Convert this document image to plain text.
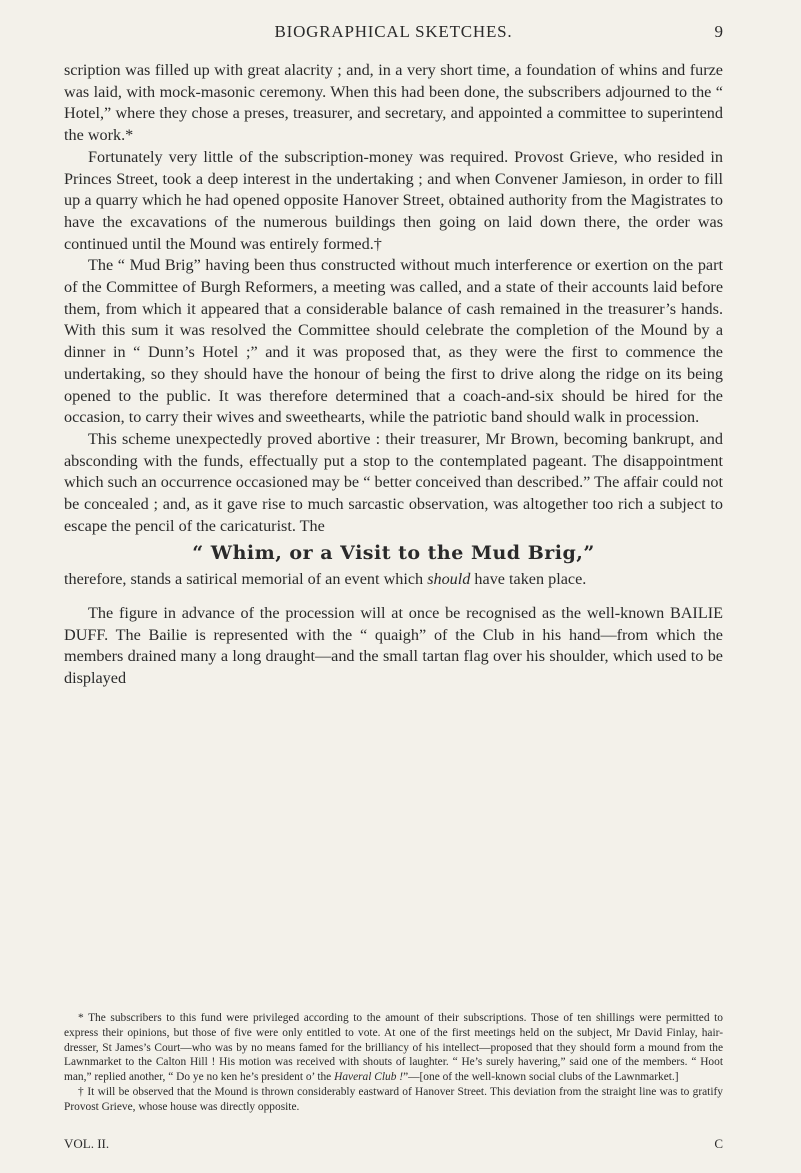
BIOGRAPHICAL SKETCHES.	9

scription was filled up with great alacrity ; and, in a very short time, a foundation of whins and furze was laid, with mock-masonic ceremony. When this had been done, the subscribers adjourned to the “ Hotel,” where they chose a preses, treasurer, and secretary, and appointed a committee to superintend the work.*

Fortunately very little of the subscription-money was required. Provost Grieve, who resided in Princes Street, took a deep interest in the undertaking ; and when Convener Jamieson, in order to fill up a quarry which he had opened opposite Hanover Street, obtained authority from the Magistrates to have the excavations of the numerous buildings then going on laid down there, the order was continued until the Mound was entirely formed.†

The “ Mud Brig” having been thus constructed without much interference or exertion on the part of the Committee of Burgh Reformers, a meeting was called, and a state of their accounts laid before them, from which it appeared that a considerable balance of cash remained in the treasurer’s hands. With this sum it was resolved the Committee should celebrate the completion of the Mound by a dinner in “ Dunn’s Hotel ;” and it was proposed that, as they were the first to commence the undertaking, so they should have the honour of being the first to drive along the ridge on its being opened to the public. It was therefore determined that a coach-and-six should be hired for the occasion, to carry their wives and sweethearts, while the patriotic band should walk in procession.

This scheme unexpectedly proved abortive : their treasurer, Mr Brown, becoming bankrupt, and absconding with the funds, effectually put a stop to the contemplated pageant. The disappointment which such an occurrence occasioned may be “ better conceived than described.” The affair could not be concealed ; and, as it gave rise to much sarcastic observation, was altogether too rich a subject to escape the pencil of the caricaturist. The

“ Whim, or a Visit to the Mud Brig,”

therefore, stands a satirical memorial of an event which should have taken place.

The figure in advance of the procession will at once be recognised as the well-known BAILIE DUFF. The Bailie is represented with the “ quaigh” of the Club in his hand—from which the members drained many a long draught—and the small tartan flag over his shoulder, which used to be displayed

* The subscribers to this fund were privileged according to the amount of their subscriptions. Those of ten shillings were permitted to express their opinions, but those of five were only entitled to vote. At one of the first meetings held on the subject, Mr David Finlay, hair-dresser, St James’s Court—who was by no means famed for the brilliancy of his intellect—proposed that they should form a mound from the Lawnmarket to the Calton Hill ! His motion was received with shouts of laughter. “ He’s surely havering,” said one of the members. “ Hoot man,” replied another, “ Do ye no ken he’s president o’ the Haveral Club !”—[one of the well-known social clubs of the Lawnmarket.]

† It will be observed that the Mound is thrown considerably eastward of Hanover Street. This deviation from the straight line was to gratify Provost Grieve, whose house was directly opposite.

VOL. II.	C
